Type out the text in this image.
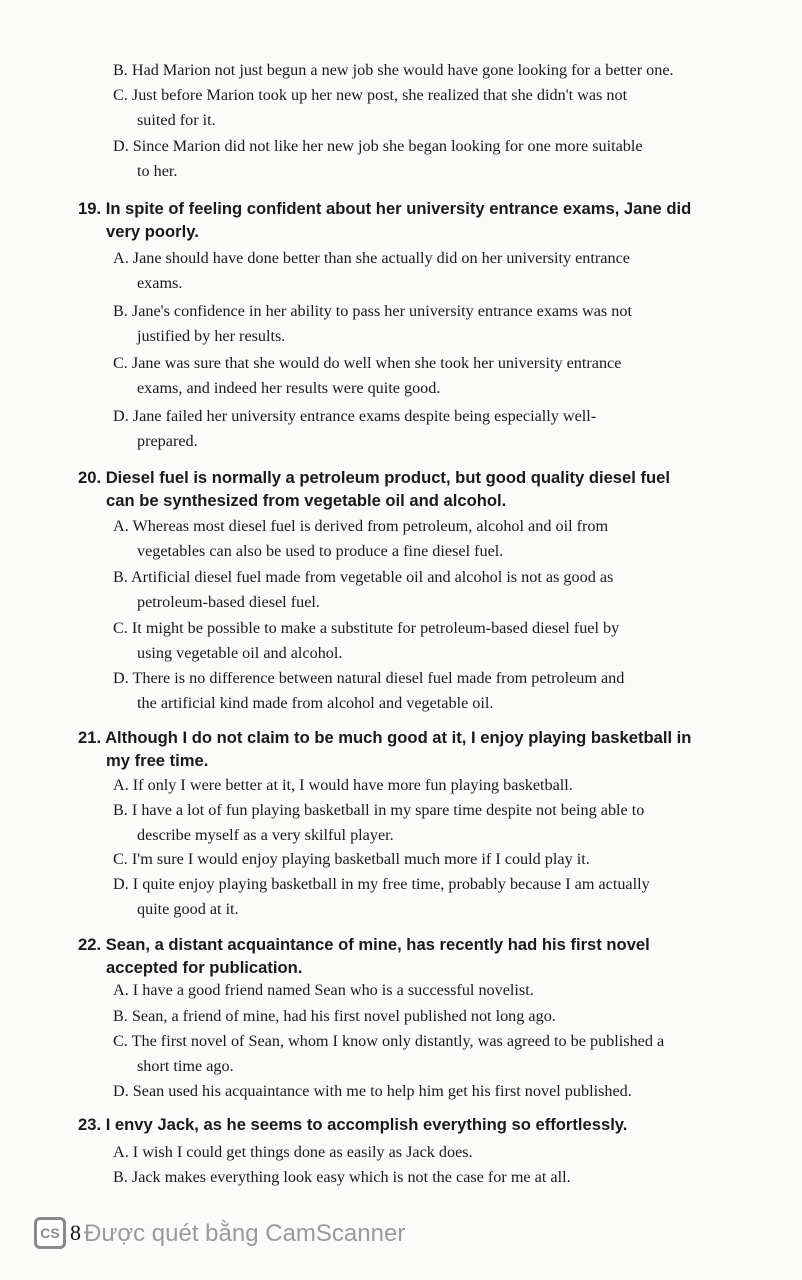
B. Had Marion not just begun a new job she would have gone looking for a better one.
C. Just before Marion took up her new post, she realized that she didn't was not
suited for it.
D. Since Marion did not like her new job she began looking for one more suitable
to her.
19. In spite of feeling confident about her university entrance exams, Jane did
very poorly.
A. Jane should have done better than she actually did on her university entrance
exams.
B. Jane's confidence in her ability to pass her university entrance exams was not
justified by her results.
C. Jane was sure that she would do well when she took her university entrance
exams, and indeed her results were quite good.
D. Jane failed her university entrance exams despite being especially well-
prepared.
20. Diesel fuel is normally a petroleum product, but good quality diesel fuel
can be synthesized from vegetable oil and alcohol.
A. Whereas most diesel fuel is derived from petroleum, alcohol and oil from
vegetables can also be used to produce a fine diesel fuel.
B. Artificial diesel fuel made from vegetable oil and alcohol is not as good as
petroleum-based diesel fuel.
C. It might be possible to make a substitute for petroleum-based diesel fuel by
using vegetable oil and alcohol.
D. There is no difference between natural diesel fuel made from petroleum and
the artificial kind made from alcohol and vegetable oil.
21. Although I do not claim to be much good at it, I enjoy playing basketball in
my free time.
A. If only I were better at it, I would have more fun playing basketball.
B. I have a lot of fun playing basketball in my spare time despite not being able to
describe myself as a very skilful player.
C. I'm sure I would enjoy playing basketball much more if I could play it.
D. I quite enjoy playing basketball in my free time, probably because I am actually
quite good at it.
22. Sean, a distant acquaintance of mine, has recently had his first novel
accepted for publication.
A. I have a good friend named Sean who is a successful novelist.
B. Sean, a friend of mine, had his first novel published not long ago.
C. The first novel of Sean, whom I know only distantly, was agreed to be published a
short time ago.
D. Sean used his acquaintance with me to help him get his first novel published.
23. I envy Jack, as he seems to accomplish everything so effortlessly.
A. I wish I could get things done as easily as Jack does.
B. Jack makes everything look easy which is not the case for me at all.
CS 8 Được quét bằng CamScanner
